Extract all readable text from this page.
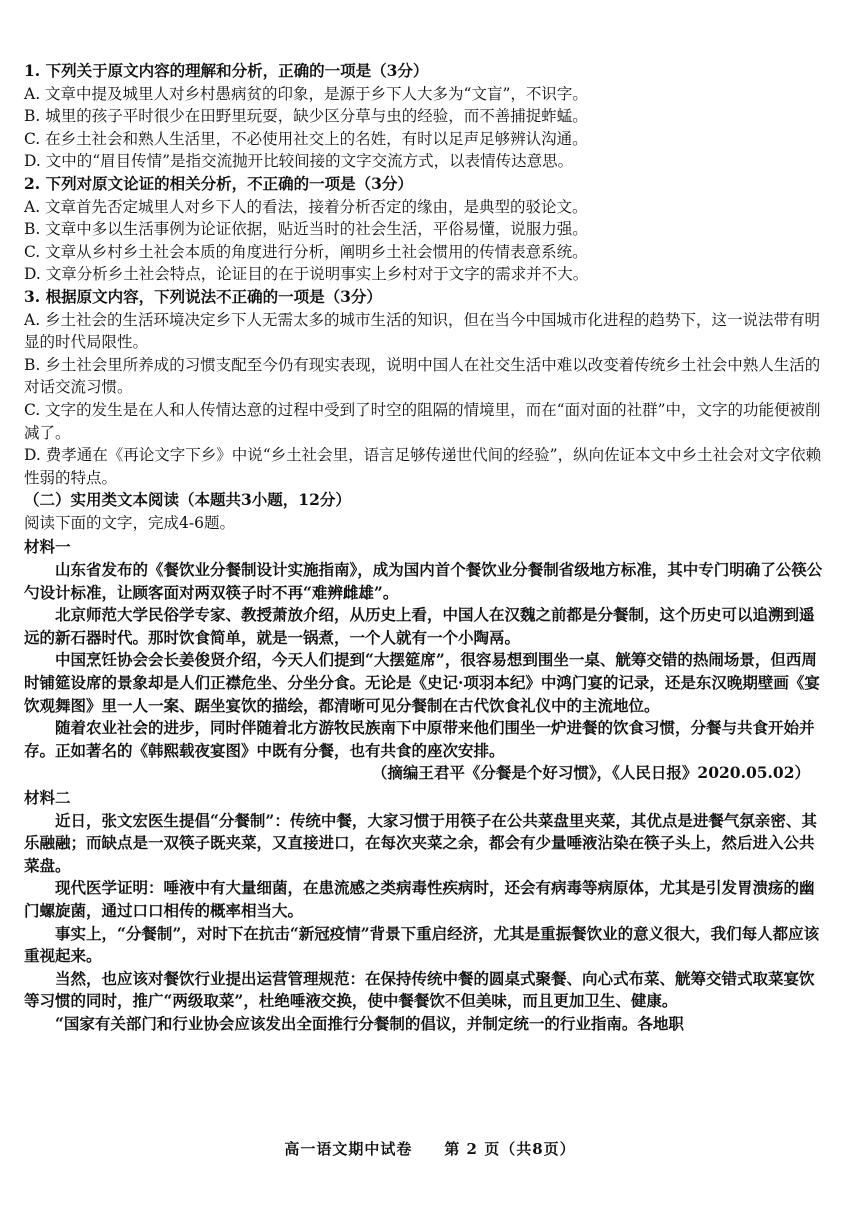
1. 下列关于原文内容的理解和分析，正确的一项是（3分）
A. 文章中提及城里人对乡村愚病贫的印象，是源于乡下人大多为“文盲”，不识字。
B. 城里的孩子平时很少在田野里玩耍，缺少区分草与虫的经验，而不善捕捉蚱蜢。
C. 在乡土社会和熟人生活里，不必使用社交上的名姓，有时以足声足够辨认沟通。
D. 文中的“眉目传情”是指交流抛开比较间接的文字交流方式，以表情传达意思。
2. 下列对原文论证的相关分析，不正确的一项是（3分）
A. 文章首先否定城里人对乡下人的看法，接着分析否定的缘由，是典型的驳论文。
B. 文章中多以生活事例为论证依据，贴近当时的社会生活，平俗易懂，说服力强。
C. 文章从乡村乡土社会本质的角度进行分析，阐明乡土社会惯用的传情表意系统。
D. 文章分析乡土社会特点，论证目的在于说明事实上乡村对于文字的需求并不大。
3. 根据原文内容，下列说法不正确的一项是（3分）
A. 乡土社会的生活环境决定乡下人无需太多的城市生活的知识，但在当今中国城市化进程的趋势下，这一说法带有明显的时代局限性。
B. 乡土社会里所养成的习惯支配至今仍有现实表现，说明中国人在社交生活中难以改变着传统乡土社会中熟人生活的对话交流习惯。
C. 文字的发生是在人和人传情达意的过程中受到了时空的阻隔的情境里，而在“面对面的社群”中，文字的功能便被削减了。
D. 费孝通在《再论文字下乡》中说“乡土社会里，语言足够传递世代间的经验”，纵向佐证本文中乡土社会对文字依赖性弱的特点。
（二）实用类文本阅读（本题共3小题，12分）
阅读下面的文字，完成4-6题。
材料一
山东省发布的《餐饮业分餐制设计实施指南》，成为国内首个餐饮业分餐制省级地方标准，其中专门明确了公筷公勺设计标准，让顾客面对两双筷子时不再“难辨雌雄”。
北京师范大学民俗学专家、教授萧放介绍，从历史上看，中国人在汉魏之前都是分餐制，这个历史可以追溯到遥远的新石器时代。那时饮食简单，就是一锅煮，一个人就有一个小陶鬲。
中国烹饪协会会长姜俊贤介绍，今天人们提到“大摆筵席”，很容易想到围坐一桌、觥筹交错的热闹场景，但西周时铺筵设席的景象却是人们正襟危坐、分坐分食。无论是《史记·项羽本纪》中鸿门宴的记录，还是东汉晚期壁画《宴饮观舞图》里一人一案、踞坐宴饮的描绘，都清晰可见分餐制在古代饮食礼仪中的主流地位。
随着农业社会的进步，同时伴随着北方游牧民族南下中原带来他们围坐一炉进餐的饮食习惯，分餐与共食开始并存。正如著名的《韩熙载夜宴图》中既有分餐，也有共食的座次安排。
（摘编王君平《分餐是个好习惯》，《人民日报》2020.05.02）
材料二
近日，张文宏医生提倡“分餐制”：传统中餐，大家习惯于用筷子在公共菜盘里夹菜，其优点是进餐气氛亲密、其乐融融；而缺点是一双筷子既夹菜，又直接进口，在每次夹菜之余，都会有少量唾液沾染在筷子头上，然后进入公共菜盘。
现代医学证明：唾液中有大量细菌，在患流感之类病毒性疾病时，还会有病毒等病原体，尤其是引发胃溃疡的幽门螺旋菌，通过口口相传的概率相当大。
事实上，“分餐制”，对时下在抗击“新冠疫情”背景下重启经济，尤其是重振餐饮业的意义很大，我们每人都应该重视起来。
当然，也应该对餐饮行业提出运营管理规范：在保持传统中餐的圆桌式聚餐、向心式布菜、觥筹交错式取菜宴饮等习惯的同时，推广“两级取菜”，杜绝唾液交换，使中餐餐饮不但美味，而且更加卫生、健康。
“国家有关部门和行业协会应该发出全面推行分餐制的倡议，并制定统一的行业指南。各地职
高一语文期中试卷　　第 2 页（共8页）
